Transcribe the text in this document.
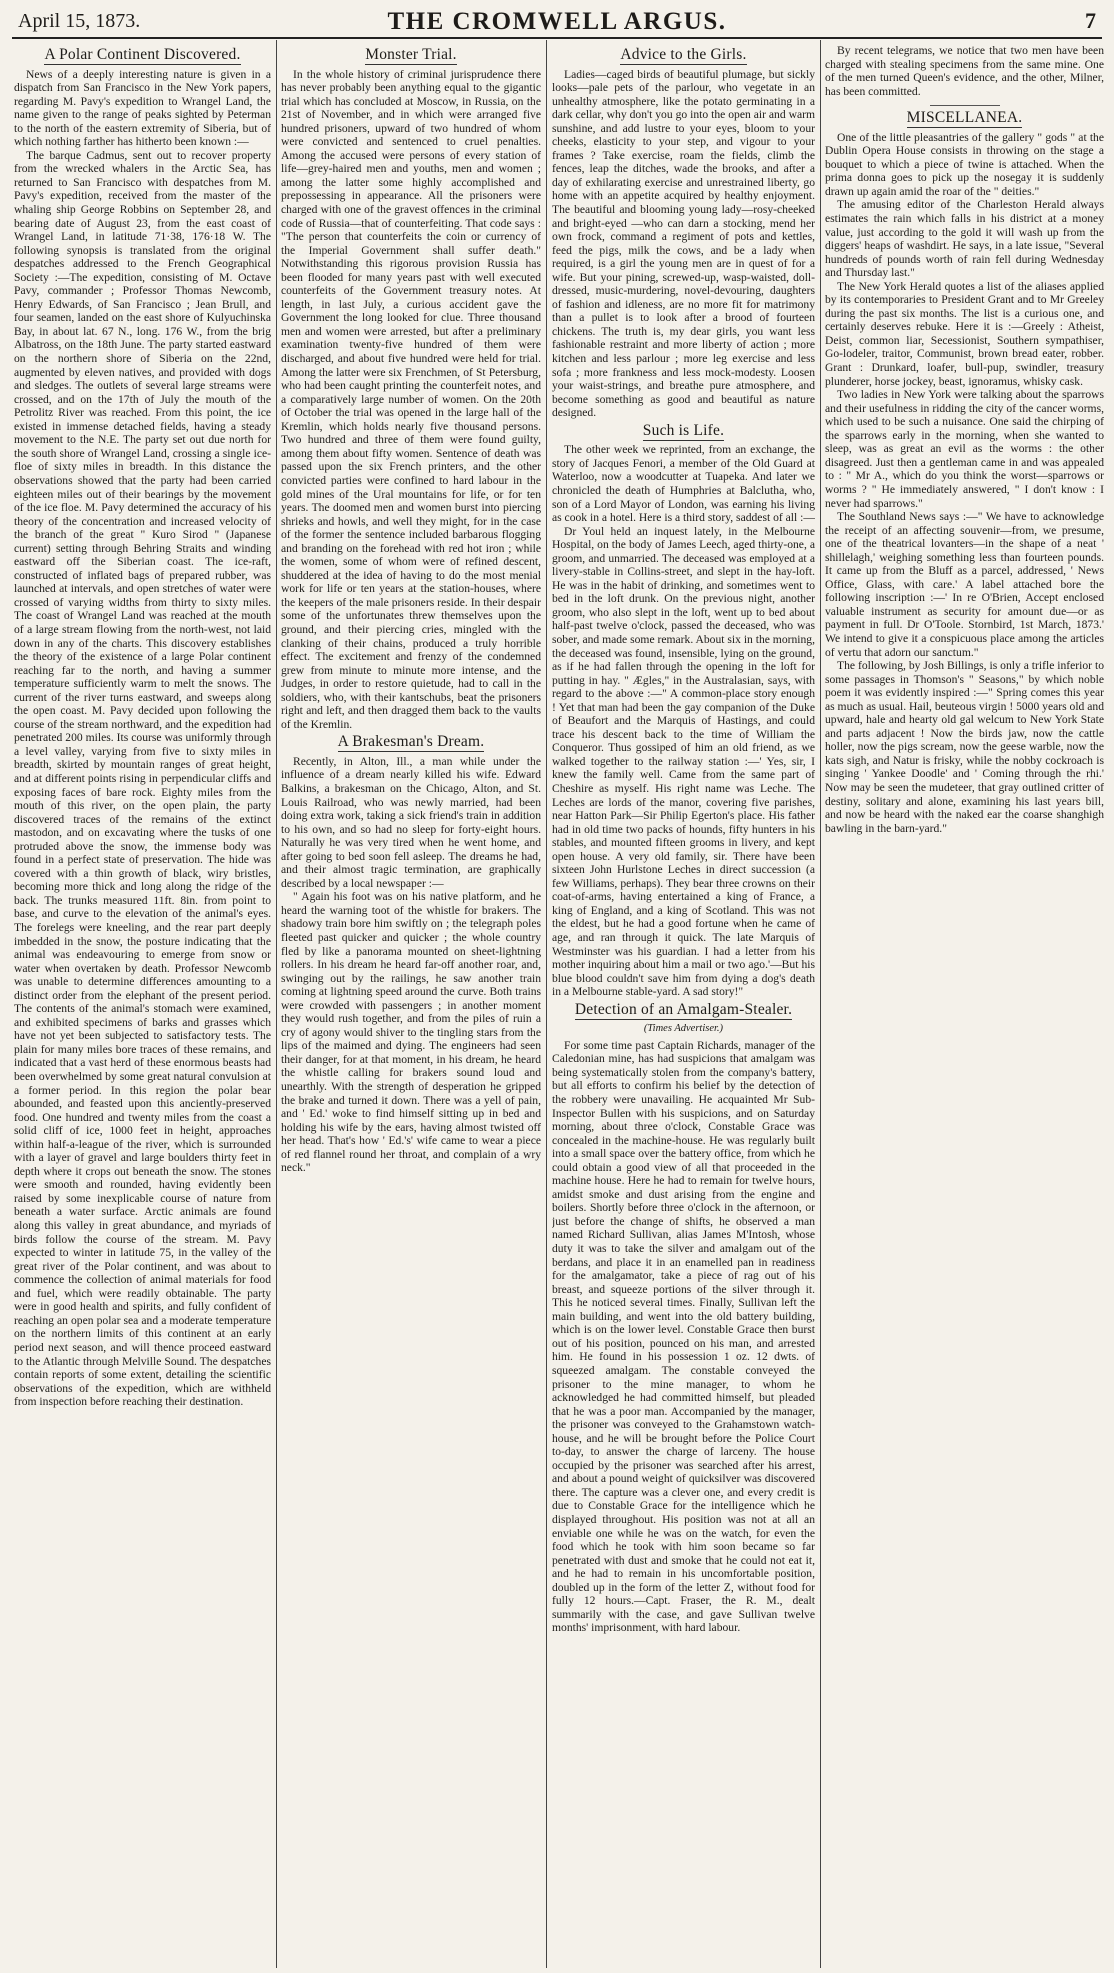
April 15, 1873.	THE CROMWELL ARGUS.	7
A Polar Continent Discovered.

News of a deeply interesting nature is given in a dispatch from San Francisco in the New York papers, regarding M. Pavy's expedition to Wrangel Land, the name given to the range of peaks sighted by Peterman to the north of the eastern extremity of Siberia, but of which nothing farther has hitherto been known :—

The barque Cadmus, sent out to recover property from the wrecked whalers in the Arctic Sea, has returned to San Francisco with despatches from M. Pavy's expedition, received from the master of the whaling ship George Robbins on September 28, and bearing date of August 23, from the east coast of Wrangel Land, in latitude 71·38, 176·18 W. The following synopsis is translated from the original despatches addressed to the French Geographical Society :—The expedition, consisting of M. Octave Pavy, commander ; Professor Thomas Newcomb, Henry Edwards, of San Francisco ; Jean Brull, and four seamen, landed on the east shore of Kulyuchinska Bay, in about lat. 67 N., long. 176 W., from the brig Albatross, on the 18th June. The party started eastward on the northern shore of Siberia on the 22nd, augmented by eleven natives, and provided with dogs and sledges. The outlets of several large streams were crossed, and on the 17th of July the mouth of the Petrolitz River was reached. From this point, the ice existed in immense detached fields, having a steady movement to the N.E. The party set out due north for the south shore of Wrangel Land, crossing a single ice-floe of sixty miles in breadth. In this distance the observations showed that the party had been carried eighteen miles out of their bearings by the movement of the ice floe. M. Pavy determined the accuracy of his theory of the concentration and increased velocity of the branch of the great " Kuro Sirod " (Japanese current) setting through Behring Straits and winding eastward off the Siberian coast. The ice-raft, constructed of inflated bags of prepared rubber, was launched at intervals, and open stretches of water were crossed of varying widths from thirty to sixty miles. The coast of Wrangel Land was reached at the mouth of a large stream flowing from the north-west, not laid down in any of the charts. This discovery establishes the theory of the existence of a large Polar continent reaching far to the north, and having a summer temperature sufficiently warm to melt the snows. The current of the river turns eastward, and sweeps along the open coast. M. Pavy decided upon following the course of the stream northward, and the expedition had penetrated 200 miles. Its course was uniformly through a level valley, varying from five to sixty miles in breadth, skirted by mountain ranges of great height, and at different points rising in perpendicular cliffs and exposing faces of bare rock. Eighty miles from the mouth of this river, on the open plain, the party discovered traces of the remains of the extinct mastodon, and on excavating where the tusks of one protruded above the snow, the immense body was found in a perfect state of preservation. The hide was covered with a thin growth of black, wiry bristles, becoming more thick and long along the ridge of the back. The trunks measured 11ft. 8in. from point to base, and curve to the elevation of the animal's eyes. The forelegs were kneeling, and the rear part deeply imbedded in the snow, the posture indicating that the animal was endeavouring to emerge from snow or water when overtaken by death. Professor Newcomb was unable to determine differences amounting to a distinct order from the elephant of the present period. The contents of the animal's stomach were examined, and exhibited specimens of barks and grasses which have not yet been subjected to satisfactory tests. The plain for many miles bore traces of these remains, and indicated that a vast herd of these enormous beasts had been overwhelmed by some great natural convulsion at a former period. In this region the polar bear abounded, and feasted upon this anciently-preserved food. One hundred and twenty miles from the coast a solid cliff of ice, 1000 feet in height, approaches within half-a-league of the river, which is surrounded with a layer of gravel and large boulders thirty feet in depth where it crops out beneath the snow. The stones were smooth and rounded, having evidently been raised by some inexplicable course of nature from beneath a water surface. Arctic animals are found along this valley in great abundance, and myriads of birds follow the course of the stream. M. Pavy expected to winter in latitude 75, in the valley of the great river of the Polar continent, and was about to commence the collection of animal materials for food and fuel, which were readily obtainable. The party were in good health and spirits, and fully confident of reaching an open polar sea and a moderate temperature on the northern limits of this continent at an early period next season, and will thence proceed eastward to the Atlantic through Melville Sound. The despatches contain reports of some extent, detailing the scientific observations of the expedition, which are withheld from inspection before reaching their destination.

Monster Trial.

In the whole history of criminal jurisprudence there has never probably been anything equal to the gigantic trial which has concluded at Moscow, in Russia, on the 21st of November, and in which were arranged five hundred prisoners, upward of two hundred of whom were convicted and sentenced to cruel penalties. Among the accused were persons of every station of life—grey-haired men and youths, men and women ; among the latter some highly accomplished and prepossessing in appearance. All the prisoners were charged with one of the gravest offences in the criminal code of Russia—that of counterfeiting. That code says : "The person that counterfeits the coin or currency of the Imperial Government shall suffer death." Notwithstanding this rigorous provision Russia has been flooded for many years past with well executed counterfeits of the Government treasury notes. At length, in last July, a curious accident gave the Government the long looked for clue. Three thousand men and women were arrested, but after a preliminary examination twenty-five hundred of them were discharged, and about five hundred were held for trial. Among the latter were six Frenchmen, of St Petersburg, who had been caught printing the counterfeit notes, and a comparatively large number of women. On the 20th of October the trial was opened in the large hall of the Kremlin, which holds nearly five thousand persons. Two hundred and three of them were found guilty, among them about fifty women. Sentence of death was passed upon the six French printers, and the other convicted parties were confined to hard labour in the gold mines of the Ural mountains for life, or for ten years. The doomed men and women burst into piercing shrieks and howls, and well they might, for in the case of the former the sentence included barbarous flogging and branding on the forehead with red hot iron ; while the women, some of whom were of refined descent, shuddered at the idea of having to do the most menial work for life or ten years at the station-houses, where the keepers of the male prisoners reside. In their despair some of the unfortunates threw themselves upon the ground, and their piercing cries, mingled with the clanking of their chains, produced a truly horrible effect. The excitement and frenzy of the condemned grew from minute to minute more intense, and the Judges, in order to restore quietude, had to call in the soldiers, who, with their kantschubs, beat the prisoners right and left, and then dragged them back to the vaults of the Kremlin.

A Brakesman's Dream.

Recently, in Alton, Ill., a man while under the influence of a dream nearly killed his wife. Edward Balkins, a brakesman on the Chicago, Alton, and St. Louis Railroad, who was newly married, had been doing extra work, taking a sick friend's train in addition to his own, and so had no sleep for forty-eight hours. Naturally he was very tired when he went home, and after going to bed soon fell asleep. The dreams he had, and their almost tragic termination, are graphically described by a local newspaper :—

" Again his foot was on his native platform, and he heard the warning toot of the whistle for brakers. The shadowy train bore him swiftly on ; the telegraph poles fleeted past quicker and quicker ; the whole country fled by like a panorama mounted on sheet-lightning rollers. In his dream he heard far-off another roar, and, swinging out by the railings, he saw another train coming at lightning speed around the curve. Both trains were crowded with passengers ; in another moment they would rush together, and from the piles of ruin a cry of agony would shiver to the tingling stars from the lips of the maimed and dying. The engineers had seen their danger, for at that moment, in his dream, he heard the whistle calling for brakers sound loud and unearthly. With the strength of desperation he gripped the brake and turned it down. There was a yell of pain, and ' Ed.' woke to find himself sitting up in bed and holding his wife by the ears, having almost twisted off her head. That's how ' Ed.'s' wife came to wear a piece of red flannel round her throat, and complain of a wry neck."

Advice to the Girls.

Ladies—caged birds of beautiful plumage, but sickly looks—pale pets of the parlour, who vegetate in an unhealthy atmosphere, like the potato germinating in a dark cellar, why don't you go into the open air and warm sunshine, and add lustre to your eyes, bloom to your cheeks, elasticity to your step, and vigour to your frames ? Take exercise, roam the fields, climb the fences, leap the ditches, wade the brooks, and after a day of exhilarating exercise and unrestrained liberty, go home with an appetite acquired by healthy enjoyment. The beautiful and blooming young lady—rosy-cheeked and bright-eyed —who can darn a stocking, mend her own frock, command a regiment of pots and kettles, feed the pigs, milk the cows, and be a lady when required, is a girl the young men are in quest of for a wife. But your pining, screwed-up, wasp-waisted, doll-dressed, music-murdering, novel-devouring, daughters of fashion and idleness, are no more fit for matrimony than a pullet is to look after a brood of fourteen chickens. The truth is, my dear girls, you want less fashionable restraint and more liberty of action ; more kitchen and less parlour ; more leg exercise and less sofa ; more frankness and less mock-modesty. Loosen your waist-strings, and breathe pure atmosphere, and become something as good and beautiful as nature designed.

Such is Life.

The other week we reprinted, from an exchange, the story of Jacques Fenori, a member of the Old Guard at Waterloo, now a woodcutter at Tuapeka. And later we chronicled the death of Humphries at Balclutha, who, son of a Lord Mayor of London, was earning his living as cook in a hotel. Here is a third story, saddest of all :—

Dr Youl held an inquest lately, in the Melbourne Hospital, on the body of James Leech, aged thirty-one, a groom, and unmarried. The deceased was employed at a livery-stable in Collins-street, and slept in the hay-loft. He was in the habit of drinking, and sometimes went to bed in the loft drunk. On the previous night, another groom, who also slept in the loft, went up to bed about half-past twelve o'clock, passed the deceased, who was sober, and made some remark. About six in the morning, the deceased was found, insensible, lying on the ground, as if he had fallen through the opening in the loft for putting in hay. " Ægles," in the Australasian, says, with regard to the above :—" A common-place story enough ! Yet that man had been the gay companion of the Duke of Beaufort and the Marquis of Hastings, and could trace his descent back to the time of William the Conqueror. Thus gossiped of him an old friend, as we walked together to the railway station :—' Yes, sir, I knew the family well. Came from the same part of Cheshire as myself. His right name was Leche. The Leches are lords of the manor, covering five parishes, near Hatton Park—Sir Philip Egerton's place. His father had in old time two packs of hounds, fifty hunters in his stables, and mounted fifteen grooms in livery, and kept open house. A very old family, sir. There have been sixteen John Hurlstone Leches in direct succession (a few Williams, perhaps). They bear three crowns on their coat-of-arms, having entertained a king of France, a king of England, and a king of Scotland. This was not the eldest, but he had a good fortune when he came of age, and ran through it quick. The late Marquis of Westminster was his guardian. I had a letter from his mother inquiring about him a mail or two ago.'—But his blue blood couldn't save him from dying a dog's death in a Melbourne stable-yard. A sad story!"

Detection of an Amalgam-Stealer.

(Times Advertiser.)

For some time past Captain Richards, manager of the Caledonian mine, has had suspicions that amalgam was being systematically stolen from the company's battery, but all efforts to confirm his belief by the detection of the robbery were unavailing. He acquainted Mr Sub-Inspector Bullen with his suspicions, and on Saturday morning, about three o'clock, Constable Grace was concealed in the machine-house. He was regularly built into a small space over the battery office, from which he could obtain a good view of all that proceeded in the machine house. Here he had to remain for twelve hours, amidst smoke and dust arising from the engine and boilers. Shortly before three o'clock in the afternoon, or just before the change of shifts, he observed a man named Richard Sullivan, alias James M'Intosh, whose duty it was to take the silver and amalgam out of the berdans, and place it in an enamelled pan in readiness for the amalgamator, take a piece of rag out of his breast, and squeeze portions of the silver through it. This he noticed several times. Finally, Sullivan left the main building, and went into the old battery building, which is on the lower level. Constable Grace then burst out of his position, pounced on his man, and arrested him. He found in his possession 1 oz. 12 dwts. of squeezed amalgam. The constable conveyed the prisoner to the mine manager, to whom he acknowledged he had committed himself, but pleaded that he was a poor man. Accompanied by the manager, the prisoner was conveyed to the Grahamstown watch-house, and he will be brought before the Police Court to-day, to answer the charge of larceny. The house occupied by the prisoner was searched after his arrest, and about a pound weight of quicksilver was discovered there. The capture was a clever one, and every credit is due to Constable Grace for the intelligence which he displayed throughout. His position was not at all an enviable one while he was on the watch, for even the food which he took with him soon became so far penetrated with dust and smoke that he could not eat it, and he had to remain in his uncomfortable position, doubled up in the form of the letter Z, without food for fully 12 hours.—Capt. Fraser, the R. M., dealt summarily with the case, and gave Sullivan twelve months' imprisonment, with hard labour.

By recent telegrams, we notice that two men have been charged with stealing specimens from the same mine. One of the men turned Queen's evidence, and the other, Milner, has been committed.

MISCELLANEA.

One of the little pleasantries of the gallery " gods " at the Dublin Opera House consists in throwing on the stage a bouquet to which a piece of twine is attached. When the prima donna goes to pick up the nosegay it is suddenly drawn up again amid the roar of the " deities."

The amusing editor of the Charleston Herald always estimates the rain which falls in his district at a money value, just according to the gold it will wash up from the diggers' heaps of washdirt. He says, in a late issue, "Several hundreds of pounds worth of rain fell during Wednesday and Thursday last."

The New York Herald quotes a list of the aliases applied by its contemporaries to President Grant and to Mr Greeley during the past six months. The list is a curious one, and certainly deserves rebuke. Here it is :—Greely : Atheist, Deist, common liar, Secessionist, Southern sympathiser, Go-lodeler, traitor, Communist, brown bread eater, robber. Grant : Drunkard, loafer, bull-pup, swindler, treasury plunderer, horse jockey, beast, ignoramus, whisky cask.

Two ladies in New York were talking about the sparrows and their usefulness in ridding the city of the cancer worms, which used to be such a nuisance. One said the chirping of the sparrows early in the morning, when she wanted to sleep, was as great an evil as the worms : the other disagreed. Just then a gentleman came in and was appealed to : " Mr A., which do you think the worst—sparrows or worms ? " He immediately answered, " I don't know : I never had sparrows."

The Southland News says :—" We have to acknowledge the receipt of an affecting souvenir—from, we presume, one of the theatrical lovanters—in the shape of a neat ' shillelagh,' weighing something less than fourteen pounds. It came up from the Bluff as a parcel, addressed, ' News Office, Glass, with care.' A label attached bore the following inscription :—' In re O'Brien, Accept enclosed valuable instrument as security for amount due—or as payment in full. Dr O'Toole. Stornbird, 1st March, 1873.' We intend to give it a conspicuous place among the articles of vertu that adorn our sanctum."

The following, by Josh Billings, is only a trifle inferior to some passages in Thomson's " Seasons," by which noble poem it was evidently inspired :—" Spring comes this year as much as usual. Hail, beuteous virgin ! 5000 years old and upward, hale and hearty old gal welcum to New York State and parts adjacent ! Now the birds jaw, now the cattle holler, now the pigs scream, now the geese warble, now the kats sigh, and Natur is frisky, while the nobby cockroach is singing ' Yankee Doodle' and ' Coming through the rhi.' Now may be seen the mudeteer, that gray outlined critter of destiny, solitary and alone, examining his last years bill, and now be heard with the naked ear the coarse shanghigh bawling in the barn-yard."
